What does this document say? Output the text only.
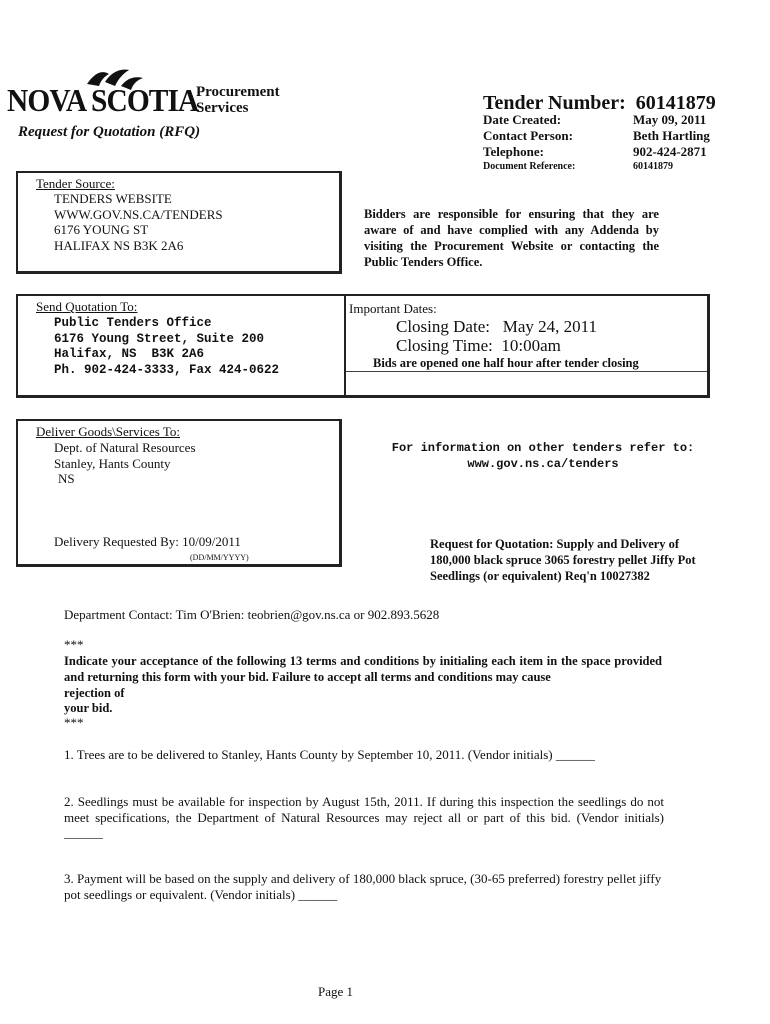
NOVA SCOTIA
Procurement
Services
Request for Quotation (RFQ)
Tender Number: 60141879
Date Created:	May 09, 2011
Contact Person:	Beth Hartling
Telephone:	902-424-2871
Document Reference:	60141879
Tender Source:
TENDERS WEBSITE
WWW.GOV.NS.CA/TENDERS
6176 YOUNG ST
HALIFAX NS B3K 2A6
Bidders are responsible for ensuring that they are aware of and have complied with any Addenda by visiting the Procurement Website or contacting the Public Tenders Office.
Send Quotation To:
Public Tenders Office
6176 Young Street, Suite 200
Halifax, NS  B3K 2A6
Ph. 902-424-3333, Fax 424-0622
Important Dates:
Closing Date: May 24, 2011
Closing Time: 10:00am
Bids are opened one half hour after tender closing
Deliver Goods\Services To:
Dept. of Natural Resources
Stanley, Hants County
NS
Delivery Requested By: 10/09/2011
(DD/MM/YYYY)
For information on other tenders refer to:
www.gov.ns.ca/tenders
Request for Quotation: Supply and Delivery of 180,000 black spruce 3065 forestry pellet Jiffy Pot Seedlings (or equivalent) Req'n 10027382
Department Contact: Tim O'Brien: teobrien@gov.ns.ca or 902.893.5628
***
Indicate your acceptance of the following 13 terms and conditions by initialing each item in the space provided and returning this form with your bid. Failure to accept all terms and conditions may cause
rejection of
your bid.
***
1. Trees are to be delivered to Stanley, Hants County by September 10, 2011. (Vendor initials) ______
2. Seedlings must be available for inspection by August 15th, 2011. If during this inspection the seedlings do not meet specifications, the Department of Natural Resources may reject all or part of this bid. (Vendor initials) ______
3. Payment will be based on the supply and delivery of 180,000 black spruce, (30-65 preferred) forestry pellet jiffy pot seedlings or equivalent. (Vendor initials) ______
Page 1
